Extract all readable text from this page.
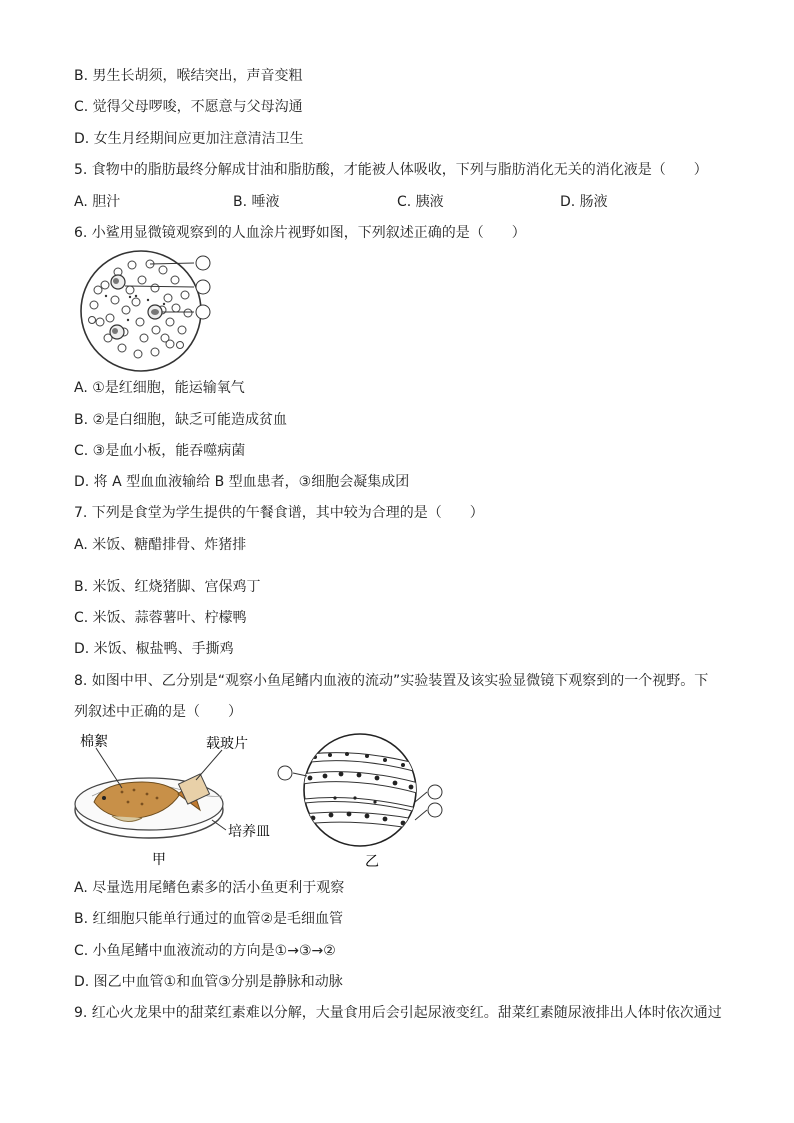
B. 男生长胡须，喉结突出，声音变粗
C. 觉得父母啰唆，不愿意与父母沟通
D. 女生月经期间应更加注意清洁卫生
5. 食物中的脂肪最终分解成甘油和脂肪酸，才能被人体吸收，下列与脂肪消化无关的消化液是（　　）
A. 胆汁	B. 唾液	C. 胰液	D. 肠液
6. 小鲨用显微镜观察到的人血涂片视野如图，下列叙述正确的是（　　）
A. ①是红细胞，能运输氧气
B. ②是白细胞，缺乏可能造成贫血
C. ③是血小板，能吞噬病菌
D. 将 A 型血血液输给 B 型血患者，③细胞会凝集成团
7. 下列是食堂为学生提供的午餐食谱，其中较为合理的是（　　）
A. 米饭、糖醋排骨、炸猪排
B. 米饭、红烧猪脚、宫保鸡丁
C. 米饭、蒜蓉薯叶、柠檬鸭
D. 米饭、椒盐鸭、手撕鸡
8. 如图中甲、乙分别是“观察小鱼尾鳍内血液的流动”实验装置及该实验显微镜下观察到的一个视野。下
列叙述中正确的是（　　）
棉絮	载玻片
培养皿
甲	乙
A. 尽量选用尾鳍色素多的活小鱼更利于观察
B. 红细胞只能单行通过的血管②是毛细血管
C. 小鱼尾鳍中血液流动的方向是①→③→②
D. 图乙中血管①和血管③分别是静脉和动脉
9. 红心火龙果中的甜菜红素难以分解，大量食用后会引起尿液变红。甜菜红素随尿液排出人体时依次通过
